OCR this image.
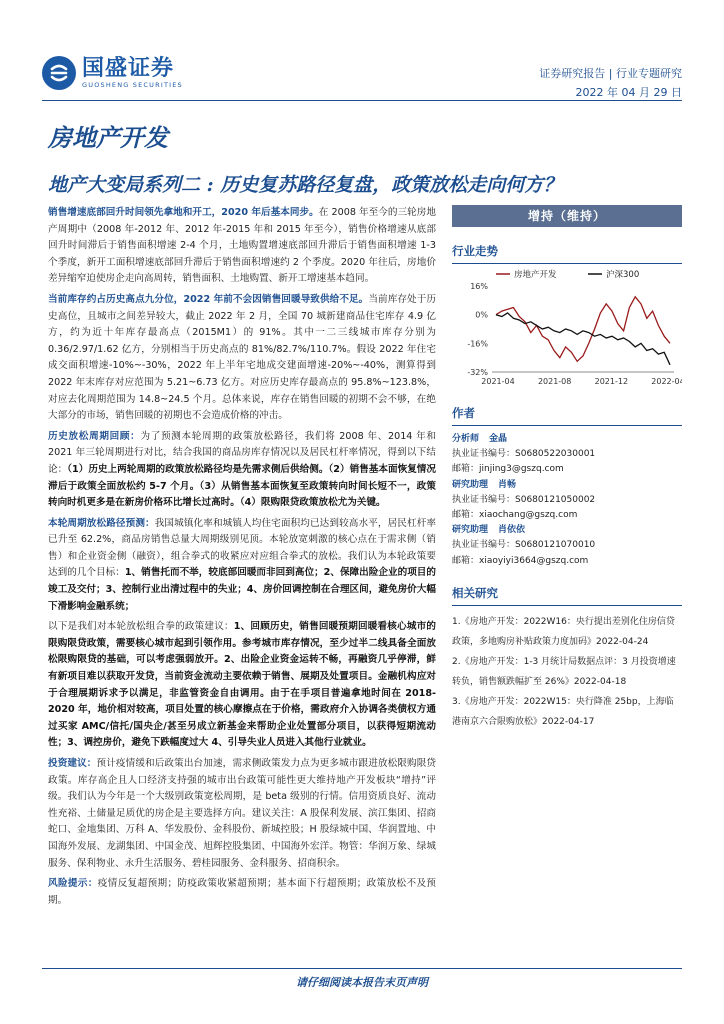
国盛证券
GUOSHENG SECURITIES
证券研究报告 | 行业专题研究
2022 年 04 月 29 日
房地产开发
地产大变局系列二 : 历史复苏路径复盘，政策放松走向何方？

销售增速底部回升时间领先拿地和开工，2020 年后基本同步。在 2008 年至今的三轮房地产周期中（2008 年-2012 年、2012 年-2015 年和 2015 年至今），销售价格增速从底部回升时间滞后于销售面积增速 2-4 个月，土地购置增速底部回升滞后于销售面积增速 1-3 个季度，新开工面积增速底部回升滞后于销售面积增速约 2 个季度。2020 年往后，房地价差异缩窄迫使房企走向高周转，销售面积、土地购置、新开工增速基本趋同。

当前库存约占历史高点九分位，2022 年前不会因销售回暖导致供给不足。当前库存处于历史高位，且城市之间差异较大，截止 2022 年 2 月，全国 70 城新建商品住宅库存 4.9 亿方，约为近十年库存最高点（2015M1）的 91%。其中一二三线城市库存分别为 0.36/2.97/1.62 亿方，分别相当于历史高点的 81%/82.7%/110.7%。假设 2022 年住宅成交面积增速-10%~-30%，2022 年上半年宅地成交建面增速-20%~-40%，测算得到 2022 年末库存对应范围为 5.21~6.73 亿方。对应历史库存最高点的 95.8%~123.8%，对应去化周期范围为 14.8~24.5 个月。总体来说，库存在销售回暖的初期不会不够，在绝大部分的市场，销售回暖的初期也不会造成价格的冲击。

历史放松周期回顾：为了预测本轮周期的政策放松路径，我们将 2008 年、2014 年和 2021 年三轮周期进行对比，结合我国的商品房库存情况以及居民杠杆率情况，得到以下结论：（1）历史上两轮周期的政策放松路径均是先需求侧后供给侧。（2）销售基本面恢复情况滞后于政策全面放松约 5-7 个月。（3）从销售基本面恢复至政策转向时间长短不一，政策转向时机更多是在新房价格环比增长过高时。（4）限购限贷政策放松尤为关键。

本轮周期放松路径预测：我国城镇化率和城镇人均住宅面积均已达到较高水平，居民杠杆率已升至 62.2%，商品房销售总量大周期级别见顶。本轮放宽刺激的核心点在于需求侧（销售）和企业资金侧（融资），组合拳式的收紧应对应组合拳式的放松。我们认为本轮政策要达到的几个目标：1、销售托而不举，较底部回暖而非回到高位；2、保障出险企业的项目的竣工及交付；3、控制行业出清过程中的失业；4、房价回调控制在合理区间，避免房价大幅下滑影响金融系统；

以下是我们对本轮放松组合拳的政策建议：1、回顾历史，销售回暖预期回暖看核心城市的限购限贷政策，需要核心城市起到引领作用。参考城市库存情况，至少过半二线具备全面放松限购限贷的基础，可以考虑强弱放开。2、出险企业资金运转不畅，再融资几乎停滞，鲜有新项目难以获取开发贷，当前资金流动主要依赖于销售、展期及处置项目。金融机构应对于合理展期诉求予以满足，非监管资金自由调用。由于在手项目普遍拿地时间在 2018-2020 年，地价相对较高，项目处置的核心摩擦点在于价格，需政府介入协调各类债权方通过买家 AMC/信托/国央企/甚至另成立新基金来帮助企业处置部分项目，以获得短期流动性；3、调控房价，避免下跌幅度过大 4、引导失业人员进入其他行业就业。

投资建议：预计疫情缓和后政策出台加速，需求侧政策发力点为更多城市跟进放松限购限贷政策。库存高企且人口经济支持强的城市出台政策可能性更大维持地产开发板块“增持”评级。我们认为今年是一个大级别政策宽松周期，是 beta 级别的行情。信用资质良好、流动性充裕、土储量足质优的房企是主要选择方向。建议关注：A 股保利发展、滨江集团、招商蛇口、金地集团、万科 A、华发股份、金科股份、新城控股；H 股绿城中国、华润置地、中国海外发展、龙湖集团、中国金茂、旭辉控股集团、中国海外宏洋。物管：华润万象、绿城服务、保利物业、永升生活服务、碧桂园服务、金科服务、招商积余。

风险提示：疫情反复超预期；防疫政策收紧超预期；基本面下行超预期；政策放松不及预期。

增持（维持）
行业走势
房地产开发	沪深300
16%
0%
-16%
-32%
2021-04	2021-08	2021-12	2022-04
作者
分析师 金晶
执业证书编号：S0680522030001
邮箱：jinjing3@gszq.com
研究助理 肖畅
执业证书编号：S0680121050002
邮箱：xiaochang@gszq.com
研究助理 肖依依
执业证书编号：S0680121070010
邮箱：xiaoyiyi3664@gszq.com
相关研究
1.《房地产开发：2022W16：央行提出差别化住房信贷政策，多地购房补贴政策力度加码》2022-04-24
2.《房地产开发：1-3 月统计局数据点评：3 月投资增速转负，销售额跌幅扩至 26%》2022-04-18
3.《房地产开发：2022W15：央行降准 25bp，上海临港南京六合限购放松》2022-04-17
请仔细阅读本报告末页声明
